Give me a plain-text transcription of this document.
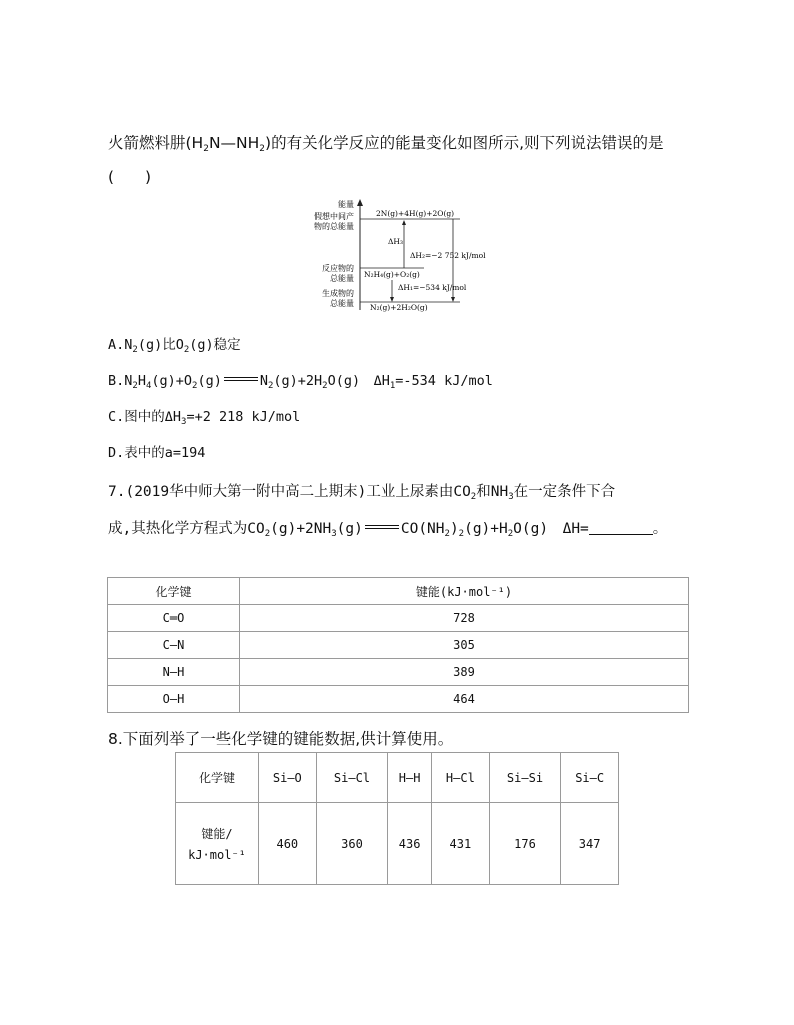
火箭燃料肼$(H_2N—NH_2)$的有关化学反应的能量变化如图所示,则下列说法错误的是
(　　)
能量
假想中间产
物的总能量
2N(g)+4H(g)+2O(g)
反应物的
总能量 N₂H₄(g)+O₂(g)
生成物的
总能量 N₂(g)+2H₂O(g)
ΔH₃
ΔH₂=−2 752 kJ/mol
ΔH₁=−534 kJ/mol
$A.N_2(g)$比$O_2(g)$稳定
$B.N_2H_4(g)+O_2(g)$	$N_2(g)+2H_2O(g)$　$\Delta H_1=-534$ kJ/mol
C.图中的$\Delta H_3=+2$ 218 kJ/mol
D.表中的a=194
7.(2019华中师大第一附中高二上期末)工业上尿素由$CO_2$和$NH_3$在一定条件下合
成,其热化学方程式为$CO_2(g)+2NH_3(g)$	$CO(NH_2)_2(g)+H_2O(g)$　ΔH=	。
化学键	键能(kJ·mol⁻¹)
C═O	728
C—N	305
N—H	389
O—H	464
8.下面列举了一些化学键的键能数据,供计算使用。
化学键	Si—O	Si—Cl	H—H	H—Cl	Si—Si	Si—C

键能/
kJ·mol⁻¹	460	360	436	431	176	347
